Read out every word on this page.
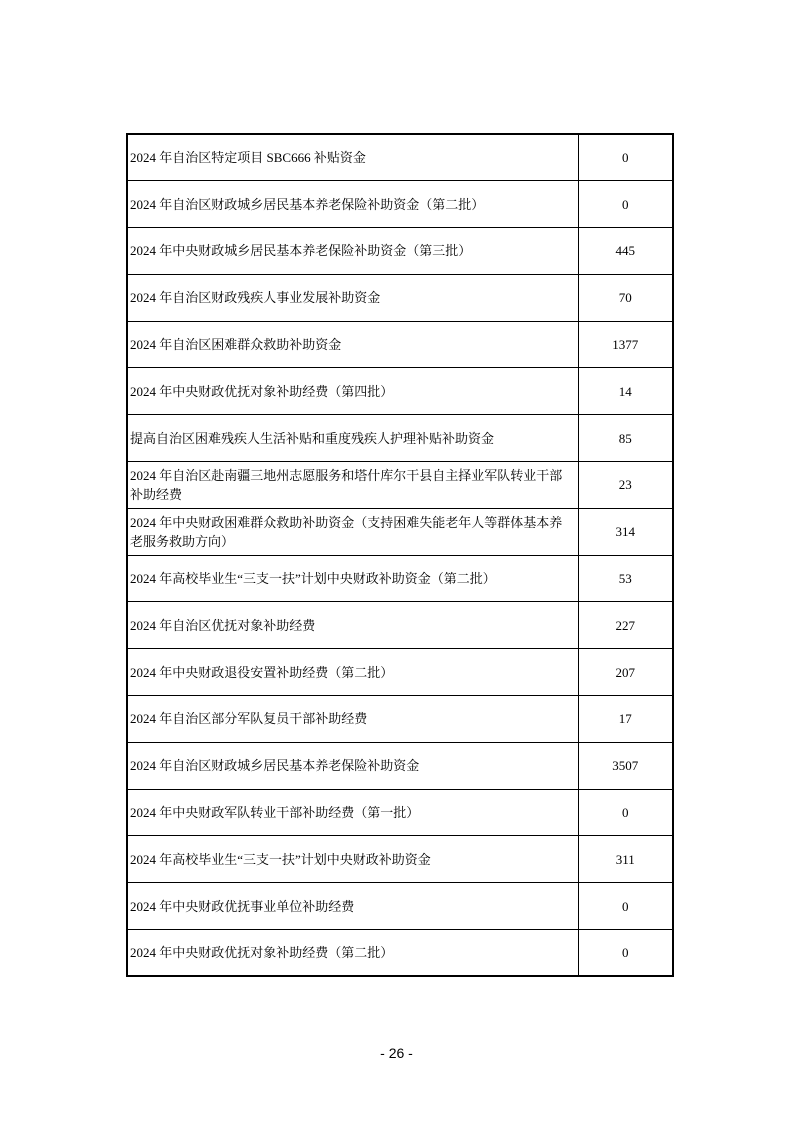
2024 年自治区特定项目 SBC666 补贴资金	0
2024 年自治区财政城乡居民基本养老保险补助资金（第二批）	0
2024 年中央财政城乡居民基本养老保险补助资金（第三批）	445
2024 年自治区财政残疾人事业发展补助资金	70
2024 年自治区困难群众救助补助资金	1377
2024 年中央财政优抚对象补助经费（第四批）	14
提高自治区困难残疾人生活补贴和重度残疾人护理补贴补助资金	85
2024 年自治区赴南疆三地州志愿服务和塔什库尔干县自主择业军队转业干部补助经费	23
2024 年中央财政困难群众救助补助资金（支持困难失能老年人等群体基本养老服务救助方向）	314
2024 年高校毕业生“三支一扶”计划中央财政补助资金（第二批）	53
2024 年自治区优抚对象补助经费	227
2024 年中央财政退役安置补助经费（第二批）	207
2024 年自治区部分军队复员干部补助经费	17
2024 年自治区财政城乡居民基本养老保险补助资金	3507
2024 年中央财政军队转业干部补助经费（第一批）	0
2024 年高校毕业生“三支一扶”计划中央财政补助资金	311
2024 年中央财政优抚事业单位补助经费	0
2024 年中央财政优抚对象补助经费（第二批）	0
- 26 -
